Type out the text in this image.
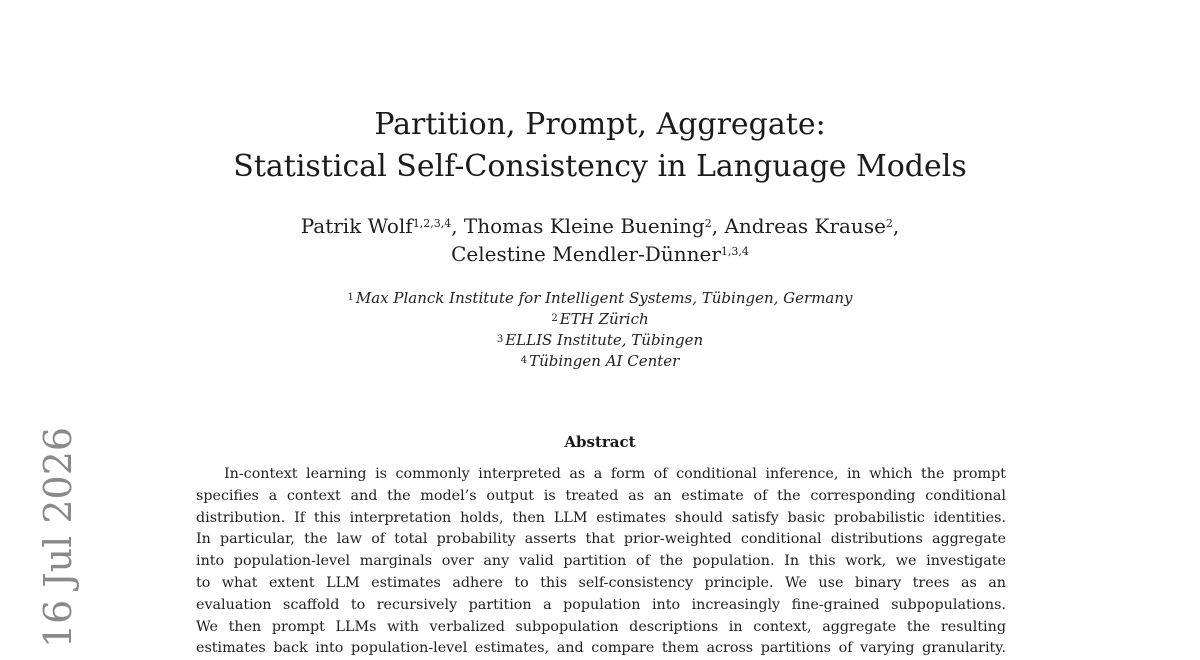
16 Jul 2026
Partition, Prompt, Aggregate:
Statistical Self-Consistency in Language Models
Patrik Wolf$^{1,2,3,4}$, Thomas Kleine Buening$^2$, Andreas Krause$^2$,
Celestine Mendler-Dünner$^{1,3,4}$
$^1$ Max Planck Institute for Intelligent Systems, Tübingen, Germany
$^2$ ETH Zürich
$^3$ ELLIS Institute, Tübingen
$^4$ Tübingen AI Center
Abstract
In-context learning is commonly interpreted as a form of conditional inference, in which the prompt
specifies a context and the model’s output is treated as an estimate of the corresponding conditional
distribution. If this interpretation holds, then LLM estimates should satisfy basic probabilistic identities.
In particular, the law of total probability asserts that prior-weighted conditional distributions aggregate
into population-level marginals over any valid partition of the population. In this work, we investigate
to what extent LLM estimates adhere to this self-consistency principle. We use binary trees as an
evaluation scaffold to recursively partition a population into increasingly fine-grained subpopulations.
We then prompt LLMs with verbalized subpopulation descriptions in context, aggregate the resulting
estimates back into population-level estimates, and compare them across partitions of varying granularity.
